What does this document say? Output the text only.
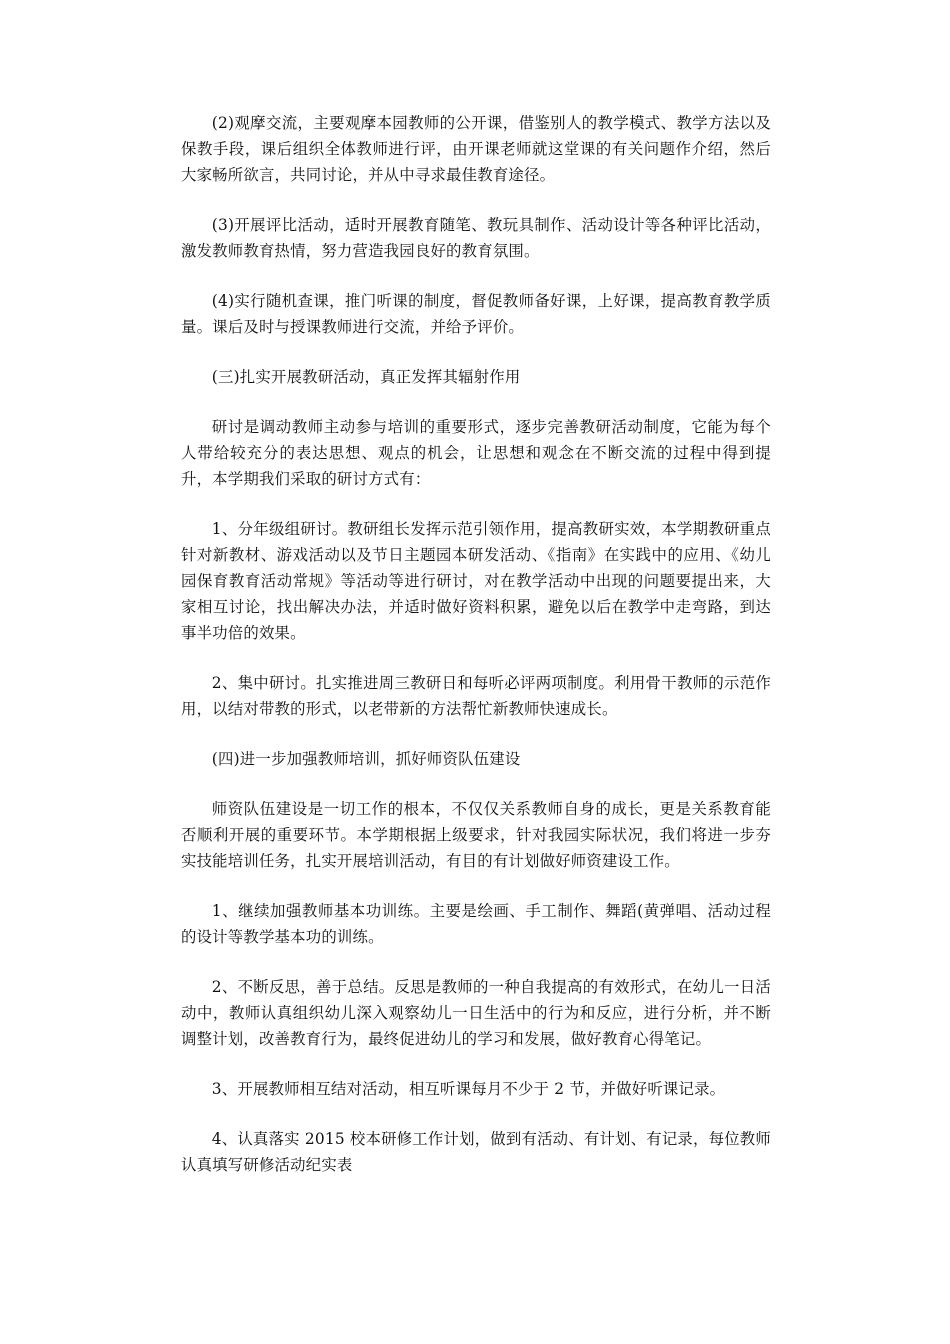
(2)观摩交流，主要观摩本园教师的公开课，借鉴别人的教学模式、教学方法以及保教手段，课后组织全体教师进行评，由开课老师就这堂课的有关问题作介绍，然后大家畅所欲言，共同讨论，并从中寻求最佳教育途径。

(3)开展评比活动，适时开展教育随笔、教玩具制作、活动设计等各种评比活动，激发教师教育热情，努力营造我园良好的教育氛围。

(4)实行随机查课，推门听课的制度，督促教师备好课，上好课，提高教育教学质量。课后及时与授课教师进行交流，并给予评价。

(三)扎实开展教研活动，真正发挥其辐射作用

研讨是调动教师主动参与培训的重要形式，逐步完善教研活动制度，它能为每个人带给较充分的表达思想、观点的机会，让思想和观念在不断交流的过程中得到提升，本学期我们采取的研讨方式有：

1、分年级组研讨。教研组长发挥示范引领作用，提高教研实效，本学期教研重点针对新教材、游戏活动以及节日主题园本研发活动、《指南》在实践中的应用、《幼儿园保育教育活动常规》等活动等进行研讨，对在教学活动中出现的问题要提出来，大家相互讨论，找出解决办法，并适时做好资料积累，避免以后在教学中走弯路，到达事半功倍的效果。

2、集中研讨。扎实推进周三教研日和每听必评两项制度。利用骨干教师的示范作用，以结对带教的形式，以老带新的方法帮忙新教师快速成长。

(四)进一步加强教师培训，抓好师资队伍建设

师资队伍建设是一切工作的根本，不仅仅关系教师自身的成长，更是关系教育能否顺利开展的重要环节。本学期根据上级要求，针对我园实际状况，我们将进一步夯实技能培训任务，扎实开展培训活动，有目的有计划做好师资建设工作。

1、继续加强教师基本功训练。主要是绘画、手工制作、舞蹈(黄弹唱、活动过程的设计等教学基本功的训练。

2、不断反思，善于总结。反思是教师的一种自我提高的有效形式，在幼儿一日活动中，教师认真组织幼儿深入观察幼儿一日生活中的行为和反应，进行分析，并不断调整计划，改善教育行为，最终促进幼儿的学习和发展，做好教育心得笔记。

3、开展教师相互结对活动，相互听课每月不少于 2 节，并做好听课记录。

4、认真落实 2015 校本研修工作计划，做到有活动、有计划、有记录，每位教师认真填写研修活动纪实表
